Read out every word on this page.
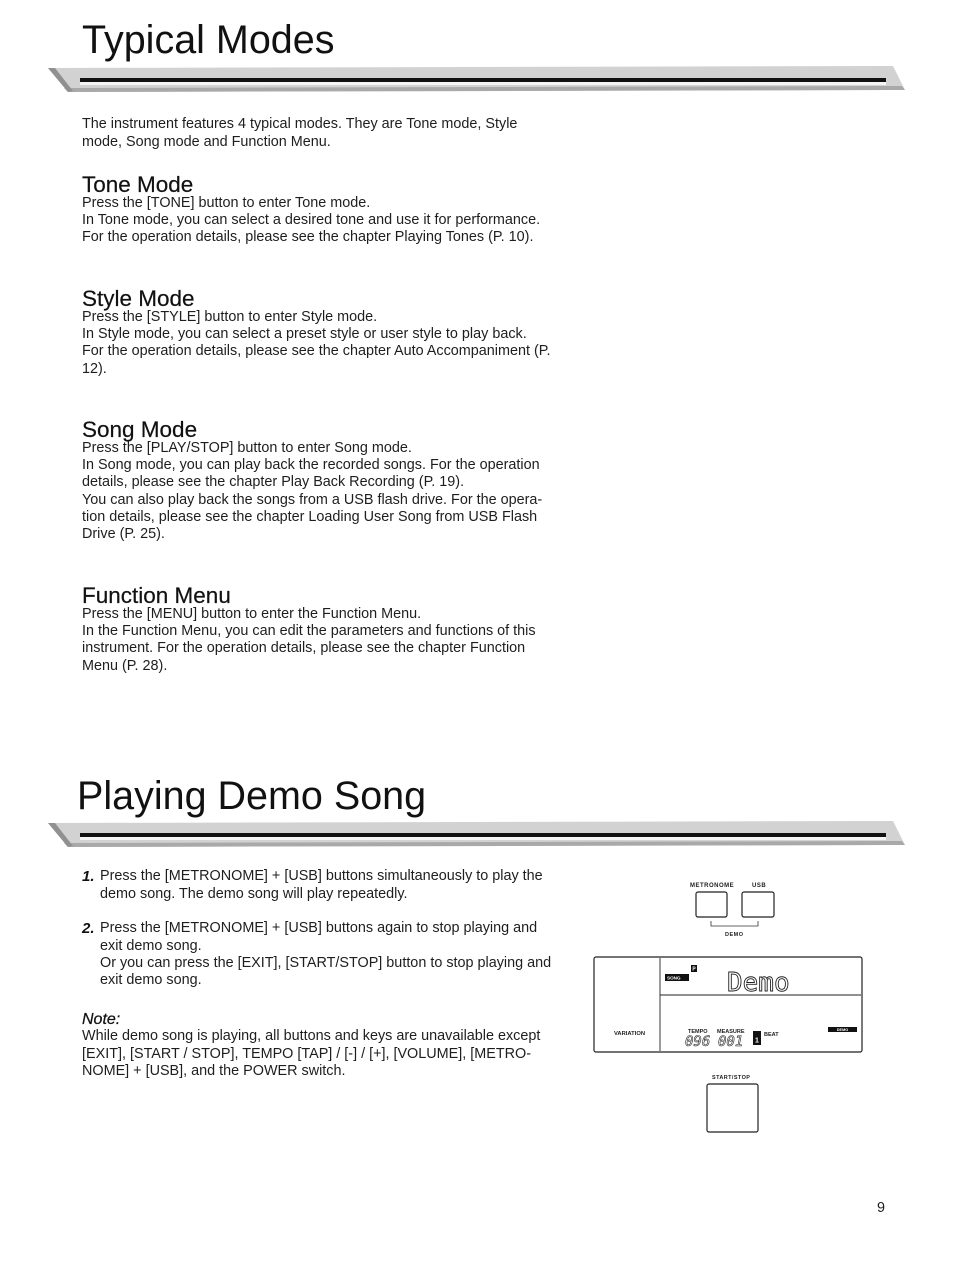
Typical Modes
The instrument features 4 typical modes. They are Tone mode, Style
mode, Song mode and Function Menu.
Tone Mode
Press the [TONE] button to enter Tone mode.
In Tone mode, you can select a desired tone and use it for performance.
For the operation details, please see the chapter Playing Tones (P. 10).
Style Mode
Press the [STYLE] button to enter Style mode.
In Style mode, you can select a preset style or user style to play back.
For the operation details, please see the chapter Auto Accompaniment (P.
12).
Song Mode
Press the [PLAY/STOP] button to enter Song mode.
In Song mode, you can play back the recorded songs. For the operation
details, please see the chapter Play Back Recording (P. 19).
You can also play back the songs from a USB flash drive. For the opera-
tion details, please see the chapter Loading User Song from USB Flash
Drive (P. 25).
Function Menu
Press the [MENU] button to enter the Function Menu.
In the Function Menu, you can edit the parameters and functions of this
instrument. For the operation details, please see the chapter Function
Menu (P. 28).
Playing Demo Song
1. Press the [METRONOME] + [USB] buttons simultaneously to play the
demo song. The demo song will play repeatedly.
2. Press the [METRONOME] + [USB] buttons again to stop playing and
exit demo song.
Or you can press the [EXIT], [START/STOP] button to stop playing and
exit demo song.
Note:
While demo song is playing, all buttons and keys are unavailable except
[EXIT], [START / STOP], TEMPO [TAP] / [-] / [+], [VOLUME], [METRO-
NOME] + [USB], and the POWER switch.
METRONOME	USB
DEMO
P
SONG Demo
VARIATION	TEMPO MEASURE
096 001 1
BEAT
DEMO
START/STOP
9
